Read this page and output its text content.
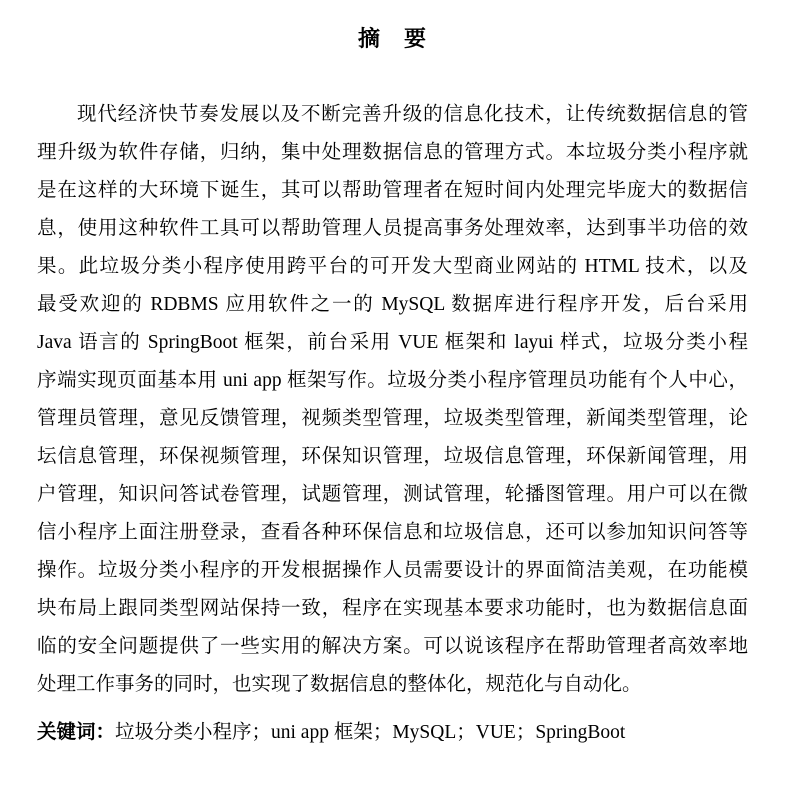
摘　要
现代经济快节奏发展以及不断完善升级的信息化技术，让传统数据信息的管
理升级为软件存储，归纳，集中处理数据信息的管理方式。本垃圾分类小程序就
是在这样的大环境下诞生，其可以帮助管理者在短时间内处理完毕庞大的数据信
息，使用这种软件工具可以帮助管理人员提高事务处理效率，达到事半功倍的效
果。此垃圾分类小程序使用跨平台的可开发大型商业网站的 HTML 技术，以及
最受欢迎的 RDBMS 应用软件之一的 MySQL 数据库进行程序开发，后台采用
Java 语言的 SpringBoot 框架，前台采用 VUE 框架和 layui 样式，垃圾分类小程
序端实现页面基本用 uni app 框架写作。垃圾分类小程序管理员功能有个人中心，
管理员管理，意见反馈管理，视频类型管理，垃圾类型管理，新闻类型管理，论
坛信息管理，环保视频管理，环保知识管理，垃圾信息管理，环保新闻管理，用
户管理，知识问答试卷管理，试题管理，测试管理，轮播图管理。用户可以在微
信小程序上面注册登录，查看各种环保信息和垃圾信息，还可以参加知识问答等
操作。垃圾分类小程序的开发根据操作人员需要设计的界面简洁美观，在功能模
块布局上跟同类型网站保持一致，程序在实现基本要求功能时，也为数据信息面
临的安全问题提供了一些实用的解决方案。可以说该程序在帮助管理者高效率地
处理工作事务的同时，也实现了数据信息的整体化，规范化与自动化。
关键词：垃圾分类小程序；uni app 框架；MySQL；VUE；SpringBoot
